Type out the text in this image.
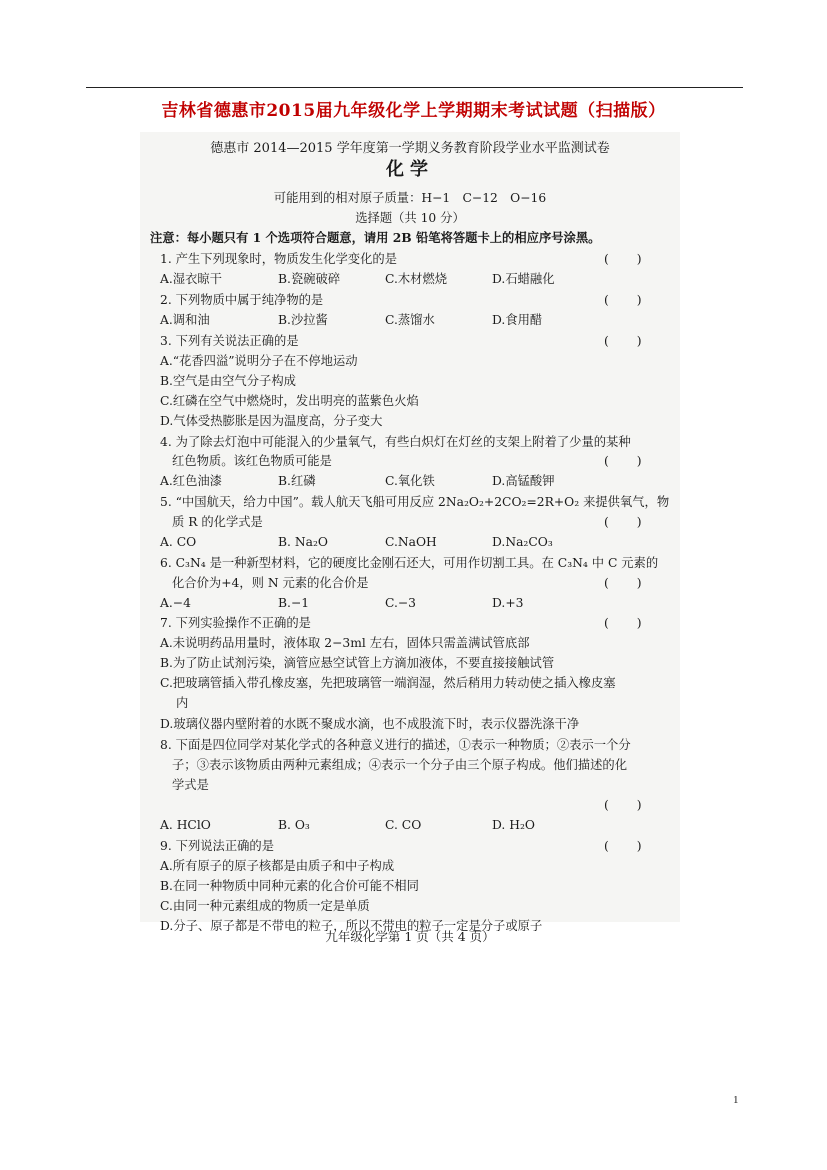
吉林省德惠市2015届九年级化学上学期期末考试试题（扫描版）
德惠市 2014—2015 学年度第一学期义务教育阶段学业水平监测试卷
化学
可能用到的相对原子质量：H−1　C−12　O−16
选择题（共 10 分）
注意：每小题只有 1 个选项符合题意，请用 2B 铅笔将答题卡上的相应序号涂黑。
1. 产生下列现象时，物质发生化学变化的是	()
A.湿衣晾干	B.瓷碗破碎	C.木材燃烧	D.石蜡融化
2. 下列物质中属于纯净物的是	()
A.调和油	B.沙拉酱	C.蒸馏水	D.食用醋
3. 下列有关说法正确的是	()
A.“花香四溢”说明分子在不停地运动
B.空气是由空气分子构成
C.红磷在空气中燃烧时，发出明亮的蓝紫色火焰
D.气体受热膨胀是因为温度高，分子变大
4. 为了除去灯泡中可能混入的少量氧气，有些白炽灯在灯丝的支架上附着了少量的某种
红色物质。该红色物质可能是	()
A.红色油漆	B.红磷	C.氧化铁	D.高锰酸钾
5. “中国航天，给力中国”。载人航天飞船可用反应 2Na₂O₂+2CO₂=2R+O₂ 来提供氧气，物
质 R 的化学式是	()
A. CO	B. Na₂O	C.NaOH	D.Na₂CO₃
6. C₃N₄ 是一种新型材料，它的硬度比金刚石还大，可用作切割工具。在 C₃N₄ 中 C 元素的
化合价为+4，则 N 元素的化合价是	()
A.−4	B.−1	C.−3	D.+3
7. 下列实验操作不正确的是	()
A.未说明药品用量时，液体取 2−3ml 左右，固体只需盖满试管底部
B.为了防止试剂污染，滴管应悬空试管上方滴加液体，不要直接接触试管
C.把玻璃管插入带孔橡皮塞，先把玻璃管一端润湿，然后稍用力转动使之插入橡皮塞
内
D.玻璃仪器内壁附着的水既不聚成水滴，也不成股流下时，表示仪器洗涤干净
8. 下面是四位同学对某化学式的各种意义进行的描述，①表示一种物质；②表示一个分
子；③表示该物质由两种元素组成；④表示一个分子由三个原子构成。他们描述的化
学式是
()
A. HClO	B. O₃	C. CO	D. H₂O
9. 下列说法正确的是	()
A.所有原子的原子核都是由质子和中子构成
B.在同一种物质中同种元素的化合价可能不相同
C.由同一种元素组成的物质一定是单质
D.分子、原子都是不带电的粒子，所以不带电的粒子一定是分子或原子
九年级化学第 1 页（共 4 页）
1
